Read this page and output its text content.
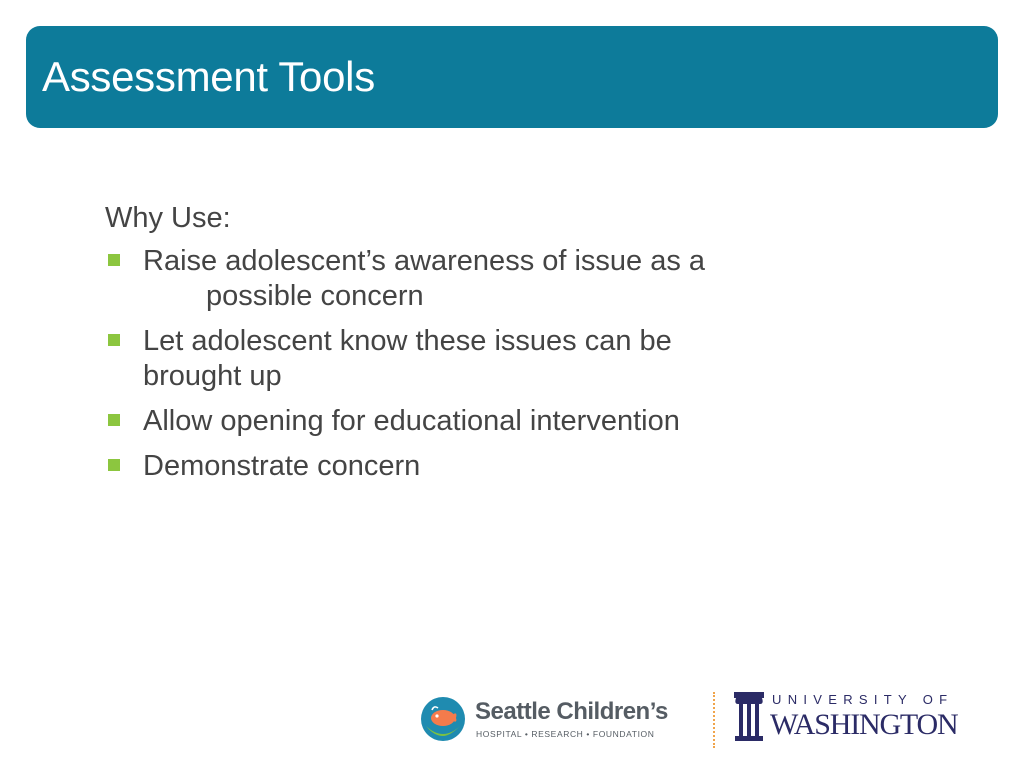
Assessment Tools

Why Use:

Raise adolescent’s awareness of issue as a
possible concern
Let adolescent know these issues can be
brought up
Allow opening for educational intervention
Demonstrate concern
Seattle Children’s
HOSPITAL • RESEARCH • FOUNDATION
UNIVERSITY OF
WASHINGTON
